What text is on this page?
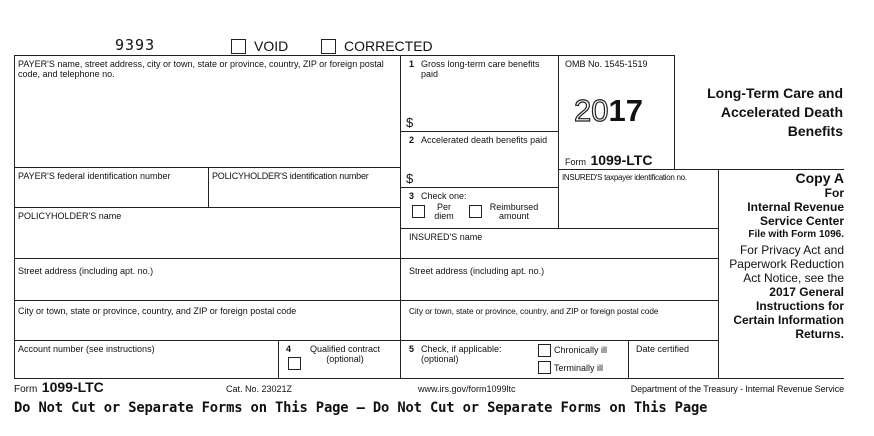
9393	VOID	CORRECTED
PAYER'S name, street address, city or town, state or province, country, ZIP or foreign postal code, and telephone no.
PAYER'S federal identification number	POLICYHOLDER'S identification number
POLICYHOLDER'S name
Street address (including apt. no.)
City or town, state or province, country, and ZIP or foreign postal code
Account number (see instructions)	4	Qualified contract (optional)
1 Gross long-term care benefits paid
$
2 Accelerated death benefits paid
$
3 Check one:
Per diem
Reimbursed amount
INSURED'S name
Street address (including apt. no.)
City or town, state or province, country, and ZIP or foreign postal code
5 Check, if applicable: (optional)
Chronically ill
Terminally ill
Date certified
OMB No. 1545-1519
2017
Form 1099-LTC
Long-Term Care and Accelerated Death Benefits
INSURED'S taxpayer identification no.	Copy A
For
Internal Revenue Service Center
File with Form 1096.
For Privacy Act and Paperwork Reduction Act Notice, see the
2017 General Instructions for Certain Information Returns.
Form 1099-LTC	Cat. No. 23021Z	www.irs.gov/form1099ltc	Department of the Treasury - Internal Revenue Service
Do Not Cut or Separate Forms on This Page — Do Not Cut or Separate Forms on This Page
